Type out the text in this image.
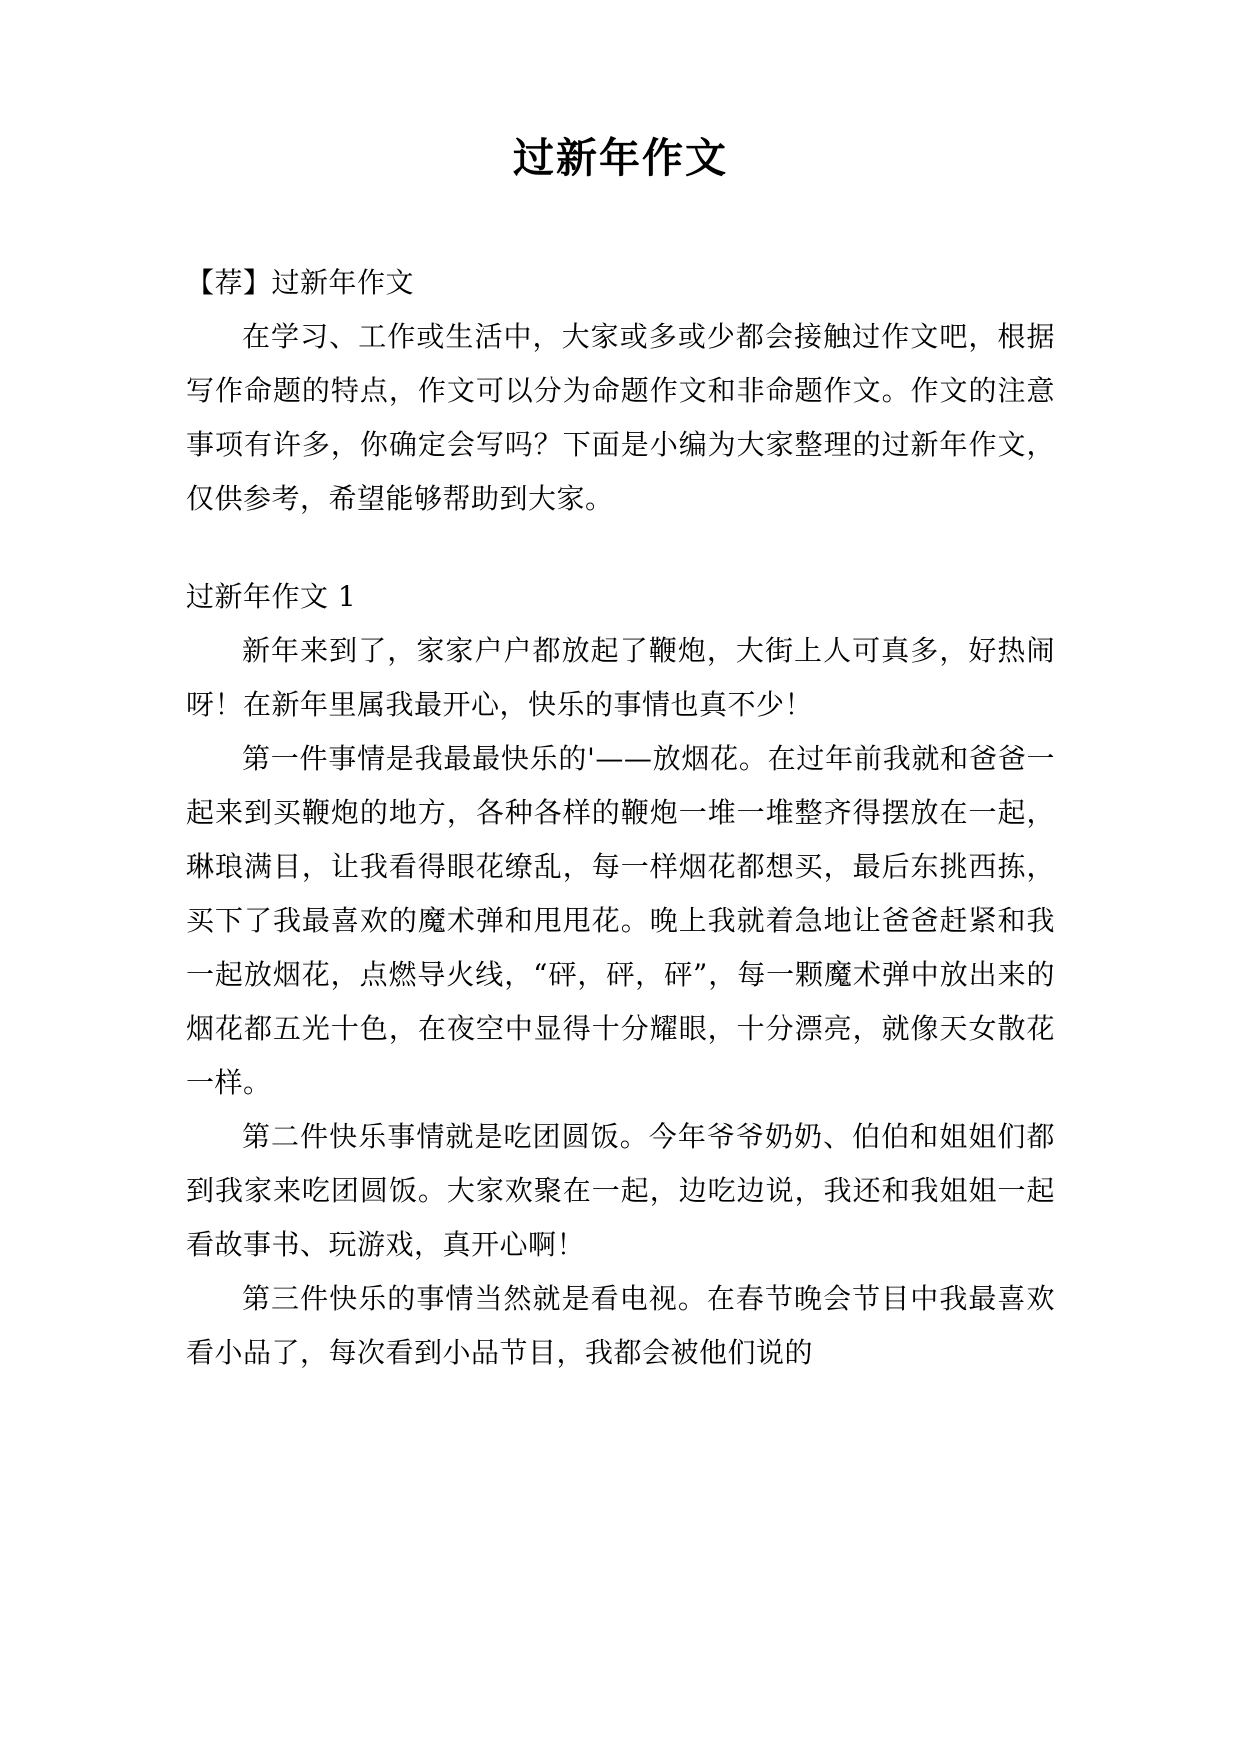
过新年作文

【荐】过新年作文

在学习、工作或生活中，大家或多或少都会接触过作文吧，根据写作命题的特点，作文可以分为命题作文和非命题作文。作文的注意事项有许多，你确定会写吗？下面是小编为大家整理的过新年作文，仅供参考，希望能够帮助到大家。

过新年作文 1

新年来到了，家家户户都放起了鞭炮，大街上人可真多，好热闹呀！在新年里属我最开心，快乐的事情也真不少！

第一件事情是我最最快乐的'——放烟花。在过年前我就和爸爸一起来到买鞭炮的地方，各种各样的鞭炮一堆一堆整齐得摆放在一起，琳琅满目，让我看得眼花缭乱，每一样烟花都想买，最后东挑西拣，买下了我最喜欢的魔术弹和甩甩花。晚上我就着急地让爸爸赶紧和我一起放烟花，点燃导火线，“砰，砰，砰”，每一颗魔术弹中放出来的烟花都五光十色，在夜空中显得十分耀眼，十分漂亮，就像天女散花一样。

第二件快乐事情就是吃团圆饭。今年爷爷奶奶、伯伯和姐姐们都到我家来吃团圆饭。大家欢聚在一起，边吃边说，我还和我姐姐一起看故事书、玩游戏，真开心啊！

第三件快乐的事情当然就是看电视。在春节晚会节目中我最喜欢看小品了，每次看到小品节目，我都会被他们说的
